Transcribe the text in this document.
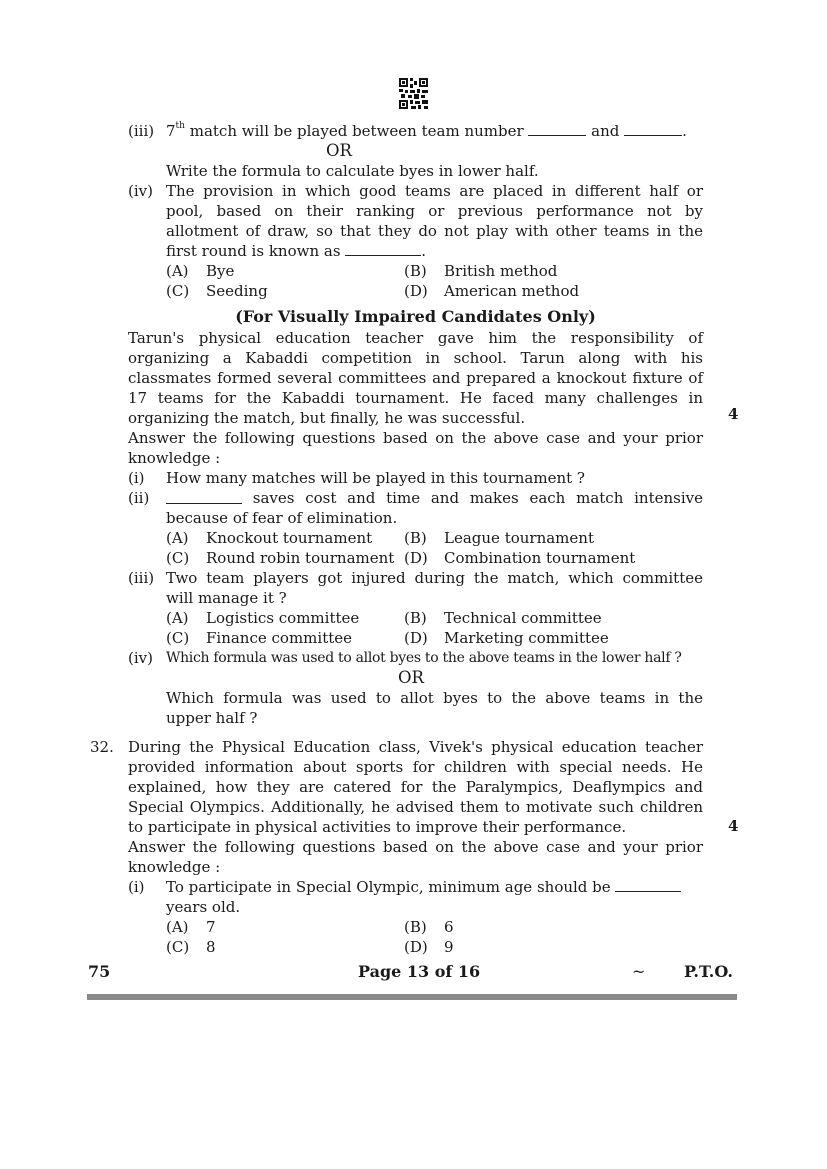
(iii) 7th match will be played between team number	and	.
OR
Write the formula to calculate byes in lower half.
(iv) The provision in which good teams are placed in different half or
pool, based on their ranking or previous performance not by
allotment of draw, so that they do not play with other teams in the
first round is known as	.
(A) Bye	(B) British method
(C) Seeding	(D) American method
(For Visually Impaired Candidates Only)
Tarun's physical education teacher gave him the responsibility of
organizing a Kabaddi competition in school. Tarun along with his
classmates formed several committees and prepared a knockout fixture of
17 teams for the Kabaddi tournament. He faced many challenges in
organizing the match, but finally, he was successful.	4
Answer the following questions based on the above case and your prior
knowledge :
(i)	How many matches will be played in this tournament ?
(ii)	saves cost and time and makes each match intensive
because of fear of elimination.
(A) Knockout tournament (B) League tournament
(C) Round robin tournament (D) Combination tournament
(iii) Two team players got injured during the match, which committee
will manage it ?
(A) Logistics committee	(B) Technical committee
(C) Finance committee	(D) Marketing committee
(iv) Which formula was used to allot byes to the above teams in the lower half ?
OR
Which formula was used to allot byes to the above teams in the
upper half ?
32. During the Physical Education class, Vivek's physical education teacher
provided information about sports for children with special needs. He
explained, how they are catered for the Paralympics, Deaflympics and
Special Olympics. Additionally, he advised them to motivate such children
to participate in physical activities to improve their performance.	4
Answer the following questions based on the above case and your prior
knowledge :
(i)	To participate in Special Olympic, minimum age should be
years old.
(A) 7	(B) 6
(C) 8	(D) 9
75	Page 13 of 16	~ P.T.O.
